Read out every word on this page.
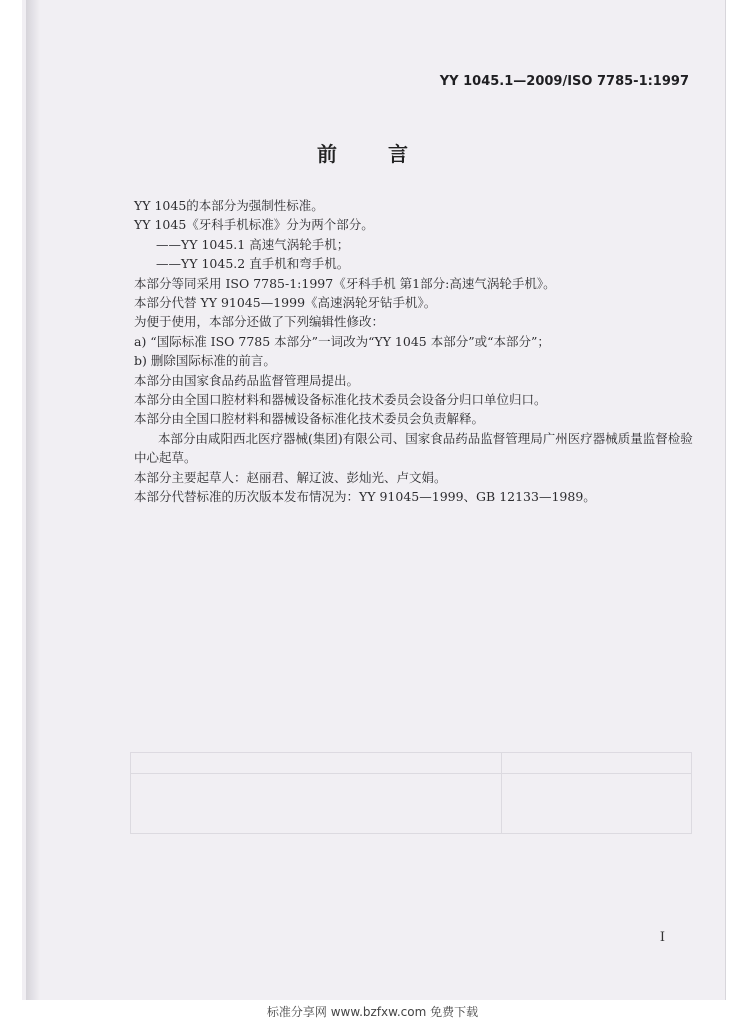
YY 1045.1—2009/ISO 7785-1:1997
前 言
YY 1045的本部分为强制性标准。
YY 1045《牙科手机标准》分为两个部分。
——YY 1045.1 高速气涡轮手机；
——YY 1045.2 直手机和弯手机。
本部分等同采用 ISO 7785-1:1997《牙科手机 第1部分:高速气涡轮手机》。
本部分代替 YY 91045—1999《高速涡轮牙钻手机》。
为便于使用，本部分还做了下列编辑性修改：
a) “国际标准 ISO 7785 本部分”一词改为“YY 1045 本部分”或“本部分”；
b) 删除国际标准的前言。
本部分由国家食品药品监督管理局提出。
本部分由全国口腔材料和器械设备标准化技术委员会设备分归口单位归口。
本部分由全国口腔材料和器械设备标准化技术委员会负责解释。
本部分由咸阳西北医疗器械(集团)有限公司、国家食品药品监督管理局广州医疗器械质量监督检验中心起草。
本部分主要起草人：赵丽君、解辽波、彭灿光、卢文娟。
本部分代替标准的历次版本发布情况为：YY 91045—1999、GB 12133—1989。
I
标准分享网 www.bzfxw.com 免费下载
